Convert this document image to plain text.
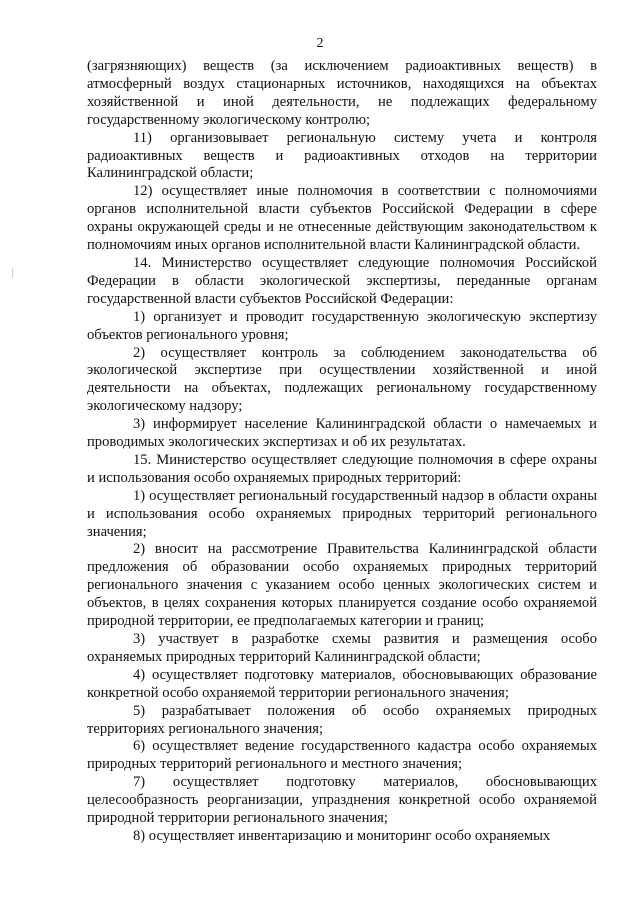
2

(загрязняющих) веществ (за исключением радиоактивных веществ) в атмосферный воздух стационарных источников, находящихся на объектах хозяйственной и иной деятельности, не подлежащих федеральному государственному экологическому контролю;

11) организовывает региональную систему учета и контроля радиоактивных веществ и радиоактивных отходов на территории Калининградской области;

12) осуществляет иные полномочия в соответствии с полномочиями органов исполнительной власти субъектов Российской Федерации в сфере охраны окружающей среды и не отнесенные действующим законодательством к полномочиям иных органов исполнительной власти Калининградской области.

14. Министерство осуществляет следующие полномочия Российской Федерации в области экологической экспертизы, переданные органам государственной власти субъектов Российской Федерации:

1) организует и проводит государственную экологическую экспертизу объектов регионального уровня;

2) осуществляет контроль за соблюдением законодательства об экологической экспертизе при осуществлении хозяйственной и иной деятельности на объектах, подлежащих региональному государственному экологическому надзору;

3) информирует население Калининградской области о намечаемых и проводимых экологических экспертизах и об их результатах.

15. Министерство осуществляет следующие полномочия в сфере охраны и использования особо охраняемых природных территорий:

1) осуществляет региональный государственный надзор в области охраны и использования особо охраняемых природных территорий регионального значения;

2) вносит на рассмотрение Правительства Калининградской области предложения об образовании особо охраняемых природных территорий регионального значения с указанием особо ценных экологических систем и объектов, в целях сохранения которых планируется создание особо охраняемой природной территории, ее предполагаемых категории и границ;

3) участвует в разработке схемы развития и размещения особо охраняемых природных территорий Калининградской области;

4) осуществляет подготовку материалов, обосновывающих образование конкретной особо охраняемой территории регионального значения;

5) разрабатывает положения об особо охраняемых природных территориях регионального значения;

6) осуществляет ведение государственного кадастра особо охраняемых природных территорий регионального и местного значения;

7) осуществляет подготовку материалов, обосновывающих целесообразность реорганизации, упразднения конкретной особо охраняемой природной территории регионального значения;

8) осуществляет инвентаризацию и мониторинг особо охраняемых
